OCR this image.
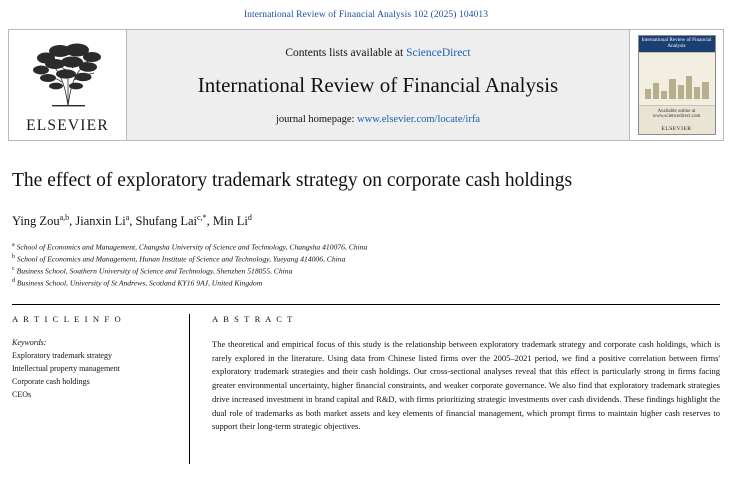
International Review of Financial Analysis 102 (2025) 104013
ELSEVIER
Contents lists available at ScienceDirect
International Review of Financial Analysis
journal homepage: www.elsevier.com/locate/irfa
International Review of Financial Analysis
Available online at www.sciencedirect.com
ELSEVIER
The effect of exploratory trademark strategy on corporate cash holdings
Ying Zou$^{a,b}$, Jianxin Li$^a$, Shufang Lai$^{c,*}$, Min Li$^d$
$^a$ School of Economics and Management, Changsha University of Science and Technology, Changsha 410076, China
$^b$ School of Economics and Management, Hunan Institute of Science and Technology, Yueyang 414006, China
$^c$ Business School, Southern University of Science and Technology, Shenzhen 518055, China
$^d$ Business School, University of St Andrews, Scotland KY16 9AJ, United Kingdom
A R T I C L E I N F O
Keywords:
Exploratory trademark strategy
Intellectual property management
Corporate cash holdings
CEOs
A B S T R A C T
The theoretical and empirical focus of this study is the relationship between exploratory trademark strategy and corporate cash holdings, which is rarely explored in the literature. Using data from Chinese listed firms over the 2005–2021 period, we find a positive correlation between firms' exploratory trademark strategies and their cash holdings. Our cross-sectional analyses reveal that this effect is particularly strong in firms facing greater environmental uncertainty, higher financial constraints, and weaker corporate governance. We also find that exploratory trademark strategies drive increased investment in brand capital and R&D, with firms prioritizing strategic investments over cash dividends. These findings highlight the dual role of trademarks as both market assets and key elements of financial management, which prompt firms to maintain higher cash reserves to support their long-term strategic objectives.
